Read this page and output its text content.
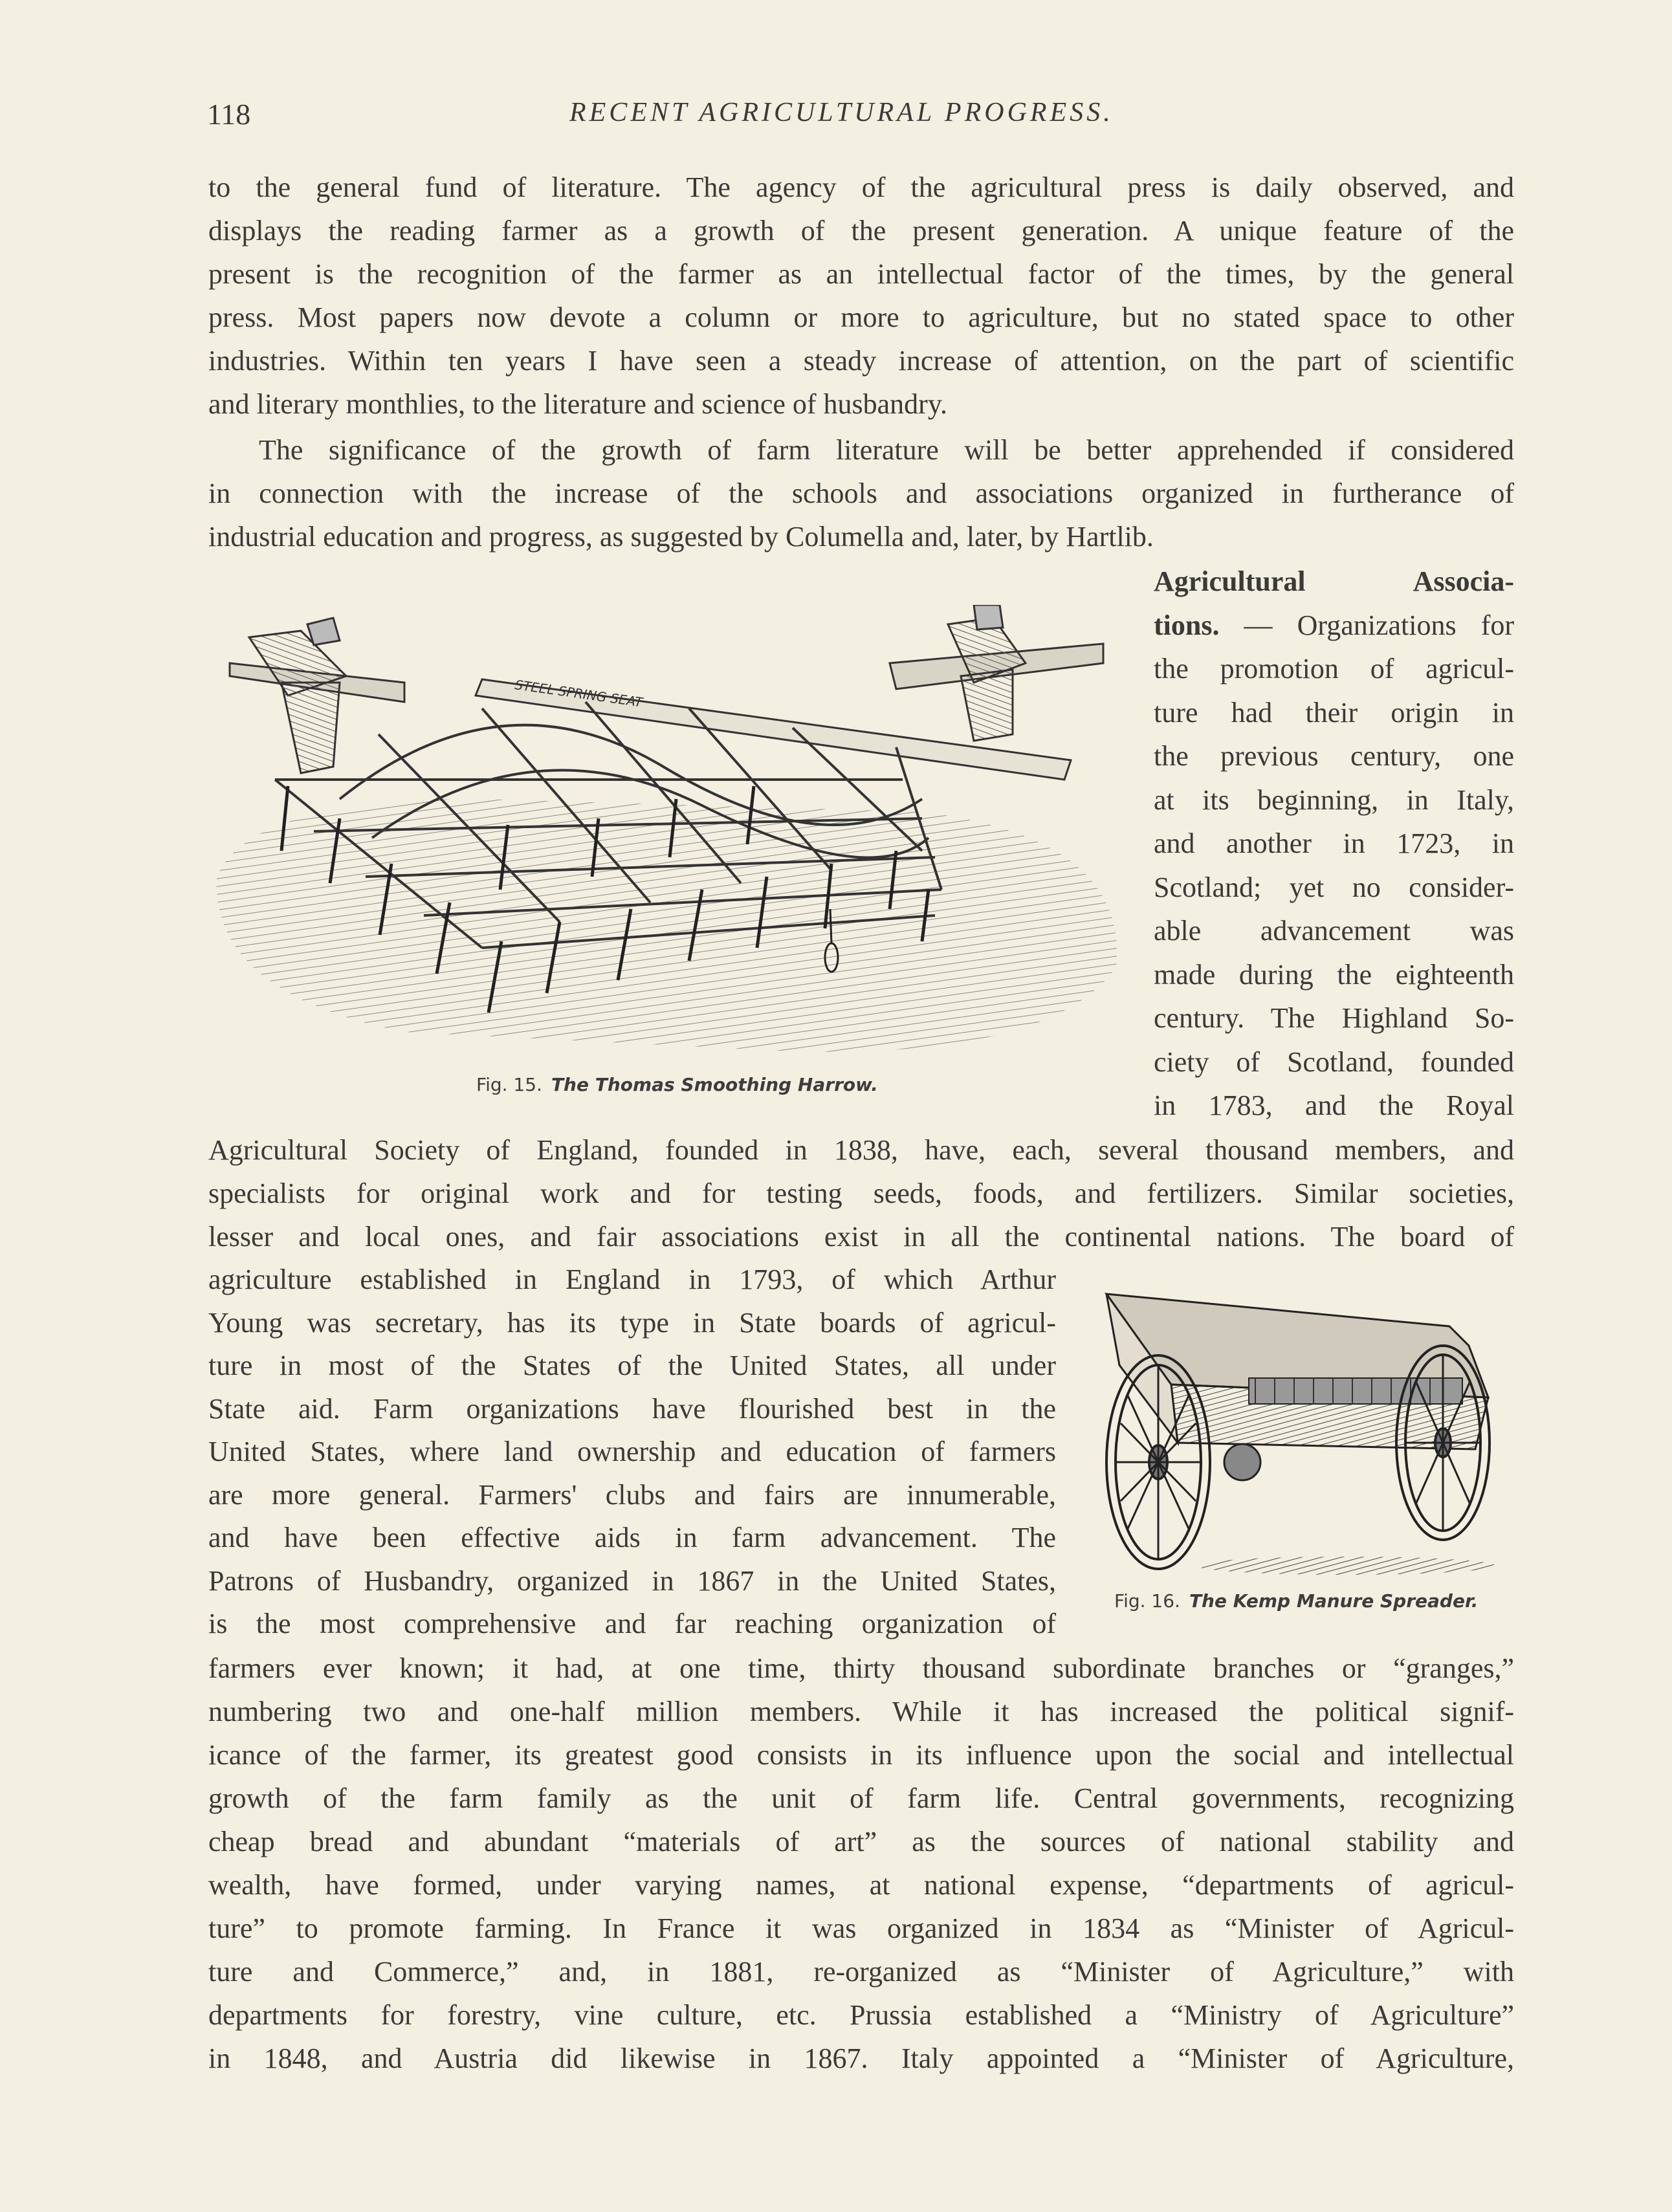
118	RECENT AGRICULTURAL PROGRESS.
to the general fund of literature. The agency of the agricultural press is daily observed, and
displays the reading farmer as a growth of the present generation. A unique feature of the
present is the recognition of the farmer as an intellectual factor of the times, by the general
press. Most papers now devote a column or more to agriculture, but no stated space to other
industries. Within ten years I have seen a steady increase of attention, on the part of scientific
and literary monthlies, to the literature and science of husbandry.
The significance of the growth of farm literature will be better apprehended if considered
in connection with the increase of the schools and associations organized in furtherance of
industrial education and progress, as suggested by Columella and, later, by Hartlib.
STEEL SPRING SEAT
Fig. 15. The Thomas Smoothing Harrow.
Agricultural	Associa-
tions. — Organizations for
the promotion of agricul-
ture had their origin in
the previous century, one
at its beginning, in Italy,
and another in 1723, in
Scotland; yet no consider-
able advancement was
made during the eighteenth
century. The Highland So-
ciety of Scotland, founded
in 1783, and the Royal
Agricultural Society of England, founded in 1838, have, each, several thousand members, and
specialists for original work and for testing seeds, foods, and fertilizers. Similar societies,
lesser and local ones, and fair associations exist in all the continental nations. The board of
agriculture established in England in 1793, of which Arthur
Young was secretary, has its type in State boards of agricul-
ture in most of the States of the United States, all under
State aid. Farm organizations have flourished best in the
United States, where land ownership and education of farmers
are more general. Farmers' clubs and fairs are innumerable,
and have been effective aids in farm advancement. The
Patrons of Husbandry, organized in 1867 in the United States,
is the most comprehensive and far reaching organization of
Fig. 16. The Kemp Manure Spreader.
farmers ever known; it had, at one time, thirty thousand subordinate branches or “granges,”
numbering two and one-half million members. While it has increased the political signif-
icance of the farmer, its greatest good consists in its influence upon the social and intellectual
growth of the farm family as the unit of farm life. Central governments, recognizing
cheap bread and abundant “materials of art” as the sources of national stability and
wealth, have formed, under varying names, at national expense, “departments of agricul-
ture” to promote farming. In France it was organized in 1834 as “Minister of Agricul-
ture and Commerce,” and, in 1881, re-organized as “Minister of Agriculture,” with
departments for forestry, vine culture, etc. Prussia established a “Ministry of Agriculture”
in 1848, and Austria did likewise in 1867. Italy appointed a “Minister of Agriculture,
